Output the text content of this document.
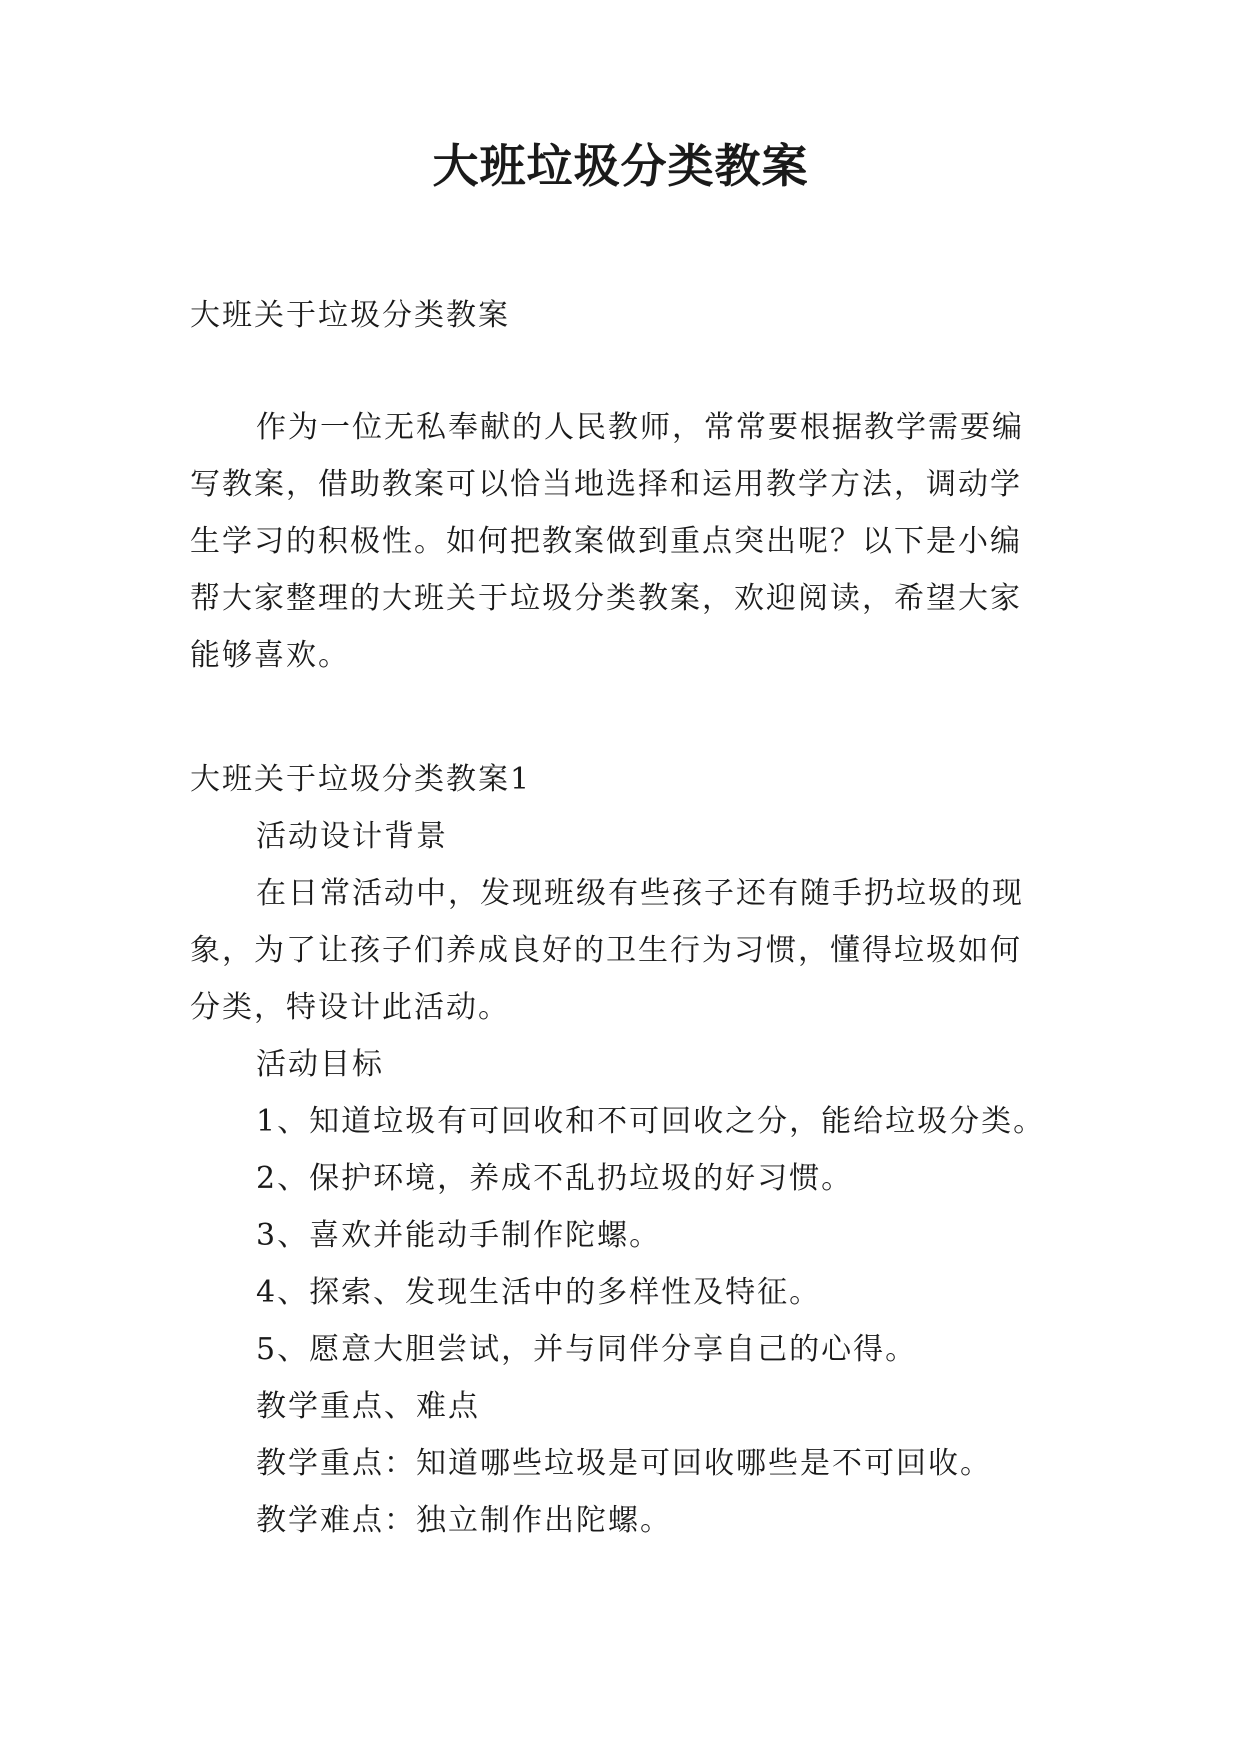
大班垃圾分类教案

大班关于垃圾分类教案

作为一位无私奉献的人民教师，常常要根据教学需要编

写教案，借助教案可以恰当地选择和运用教学方法，调动学

生学习的积极性。如何把教案做到重点突出呢？以下是小编

帮大家整理的大班关于垃圾分类教案，欢迎阅读，希望大家

能够喜欢。

大班关于垃圾分类教案1

活动设计背景

在日常活动中，发现班级有些孩子还有随手扔垃圾的现

象，为了让孩子们养成良好的卫生行为习惯，懂得垃圾如何

分类，特设计此活动。

活动目标

1、知道垃圾有可回收和不可回收之分，能给垃圾分类。

2、保护环境，养成不乱扔垃圾的好习惯。

3、喜欢并能动手制作陀螺。

4、探索、发现生活中的多样性及特征。

5、愿意大胆尝试，并与同伴分享自己的心得。

教学重点、难点

教学重点：知道哪些垃圾是可回收哪些是不可回收。

教学难点：独立制作出陀螺。
